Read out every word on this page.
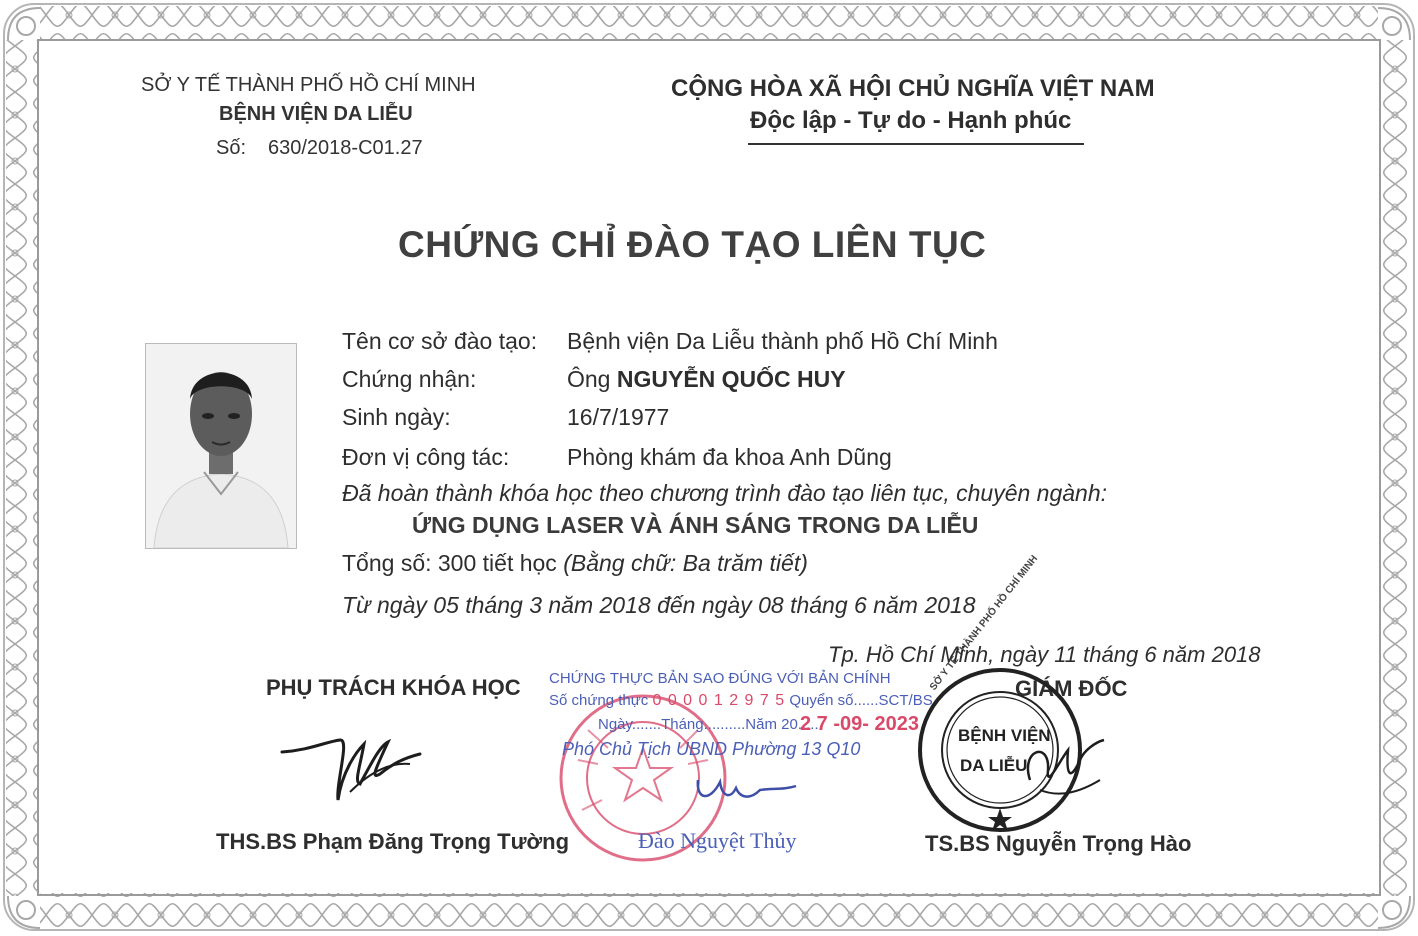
SỞ Y TẾ THÀNH PHỐ HỒ CHÍ MINH
BỆNH VIỆN DA LIỄU
Số: 630/2018-C01.27
CỘNG HÒA XÃ HỘI CHỦ NGHĨA VIỆT NAM
Độc lập - Tự do - Hạnh phúc
CHỨNG CHỈ ĐÀO TẠO LIÊN TỤC
Tên cơ sở đào tạo: Bệnh viện Da Liễu thành phố Hồ Chí Minh
Chứng nhận:	Ông NGUYỄN QUỐC HUY
Sinh ngày:	16/7/1977
Đơn vị công tác:	Phòng khám đa khoa Anh Dũng
Đã hoàn thành khóa học theo chương trình đào tạo liên tục, chuyên ngành:
ỨNG DỤNG LASER VÀ ÁNH SÁNG TRONG DA LIỄU
Tổng số: 300 tiết học (Bằng chữ: Ba trăm tiết)
Từ ngày 05 tháng 3 năm 2018 đến ngày 08 tháng 6 năm 2018
Tp. Hồ Chí Minh, ngày 11 tháng 6 năm 2018
PHỤ TRÁCH KHÓA HỌC	GIÁM ĐỐC
CHỨNG THỰC BẢN SAO ĐÚNG VỚI BẢN CHÍNH
Số chứng thực 0 0 0 0 1 2 9 7 5 Quyển số......SCT/BS
Ngày.......Tháng..........Năm 20.....
2 7 -09- 2023
Phó Chủ Tịch UBND Phường 13 Q10
Đào Nguyệt Thủy
BỆNH VIỆN
DA LIỄU
SỞ Y TẾ THÀNH PHỐ HỒ CHÍ MINH
THS.BS Phạm Đăng Trọng Tường	TS.BS Nguyễn Trọng Hào
